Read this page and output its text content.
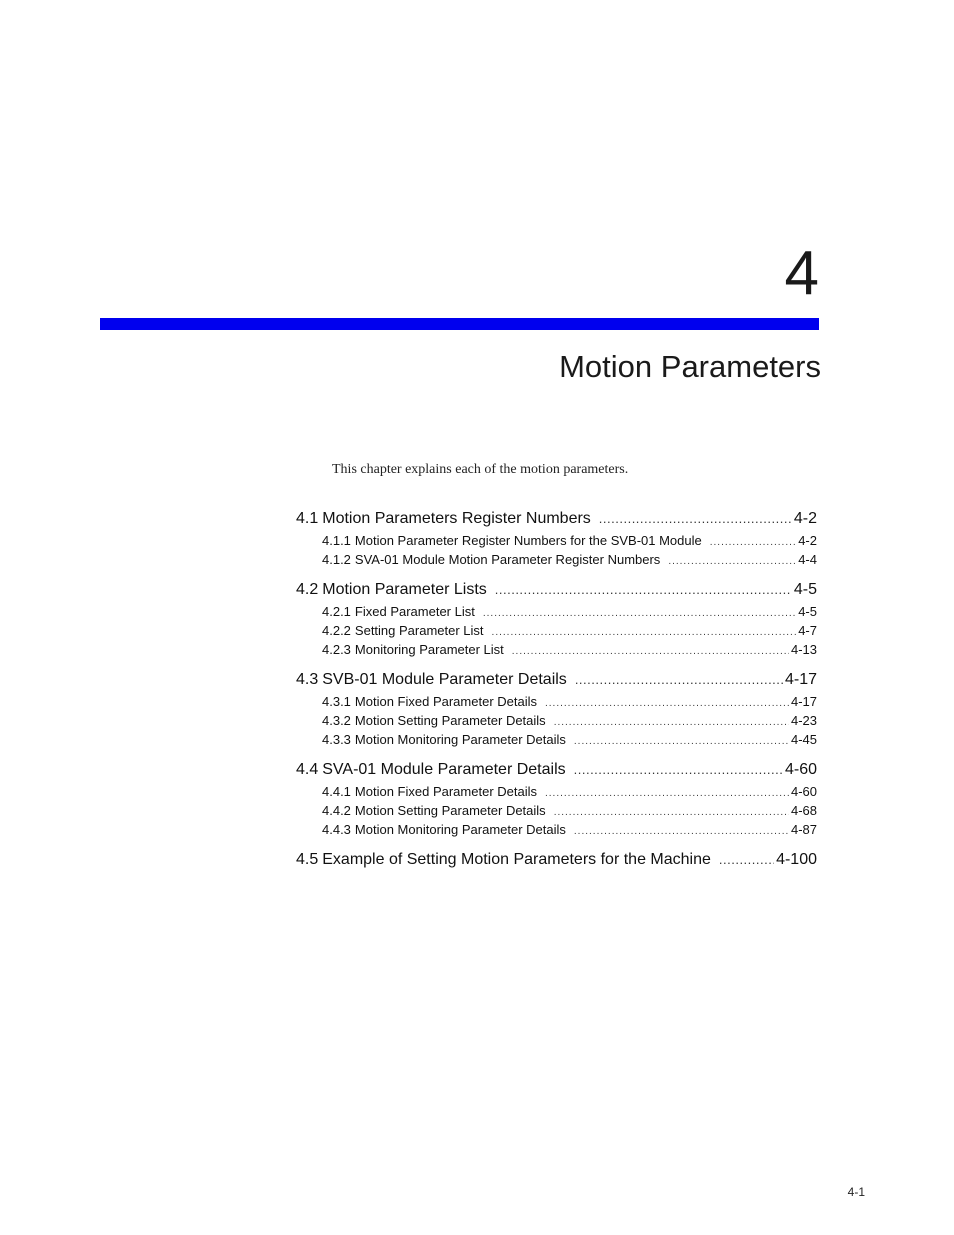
4
Motion Parameters
This chapter explains each of the motion parameters.
4.1 Motion Parameters Register Numbers .....	4-2
4.1.1 Motion Parameter Register Numbers for the SVB-01 Module .....	4-2
4.1.2 SVA-01 Module Motion Parameter Register Numbers .....	4-4
4.2 Motion Parameter Lists .....	4-5
4.2.1 Fixed Parameter List .....	4-5
4.2.2 Setting Parameter List .....	4-7
4.2.3 Monitoring Parameter List .....	4-13
4.3 SVB-01 Module Parameter Details .....	4-17
4.3.1 Motion Fixed Parameter Details .....	4-17
4.3.2 Motion Setting Parameter Details .....	4-23
4.3.3 Motion Monitoring Parameter Details .....	4-45
4.4 SVA-01 Module Parameter Details .....	4-60
4.4.1 Motion Fixed Parameter Details .....	4-60
4.4.2 Motion Setting Parameter Details .....	4-68
4.4.3 Motion Monitoring Parameter Details .....	4-87
4.5 Example of Setting Motion Parameters for the Machine .....	4-100
4-1
